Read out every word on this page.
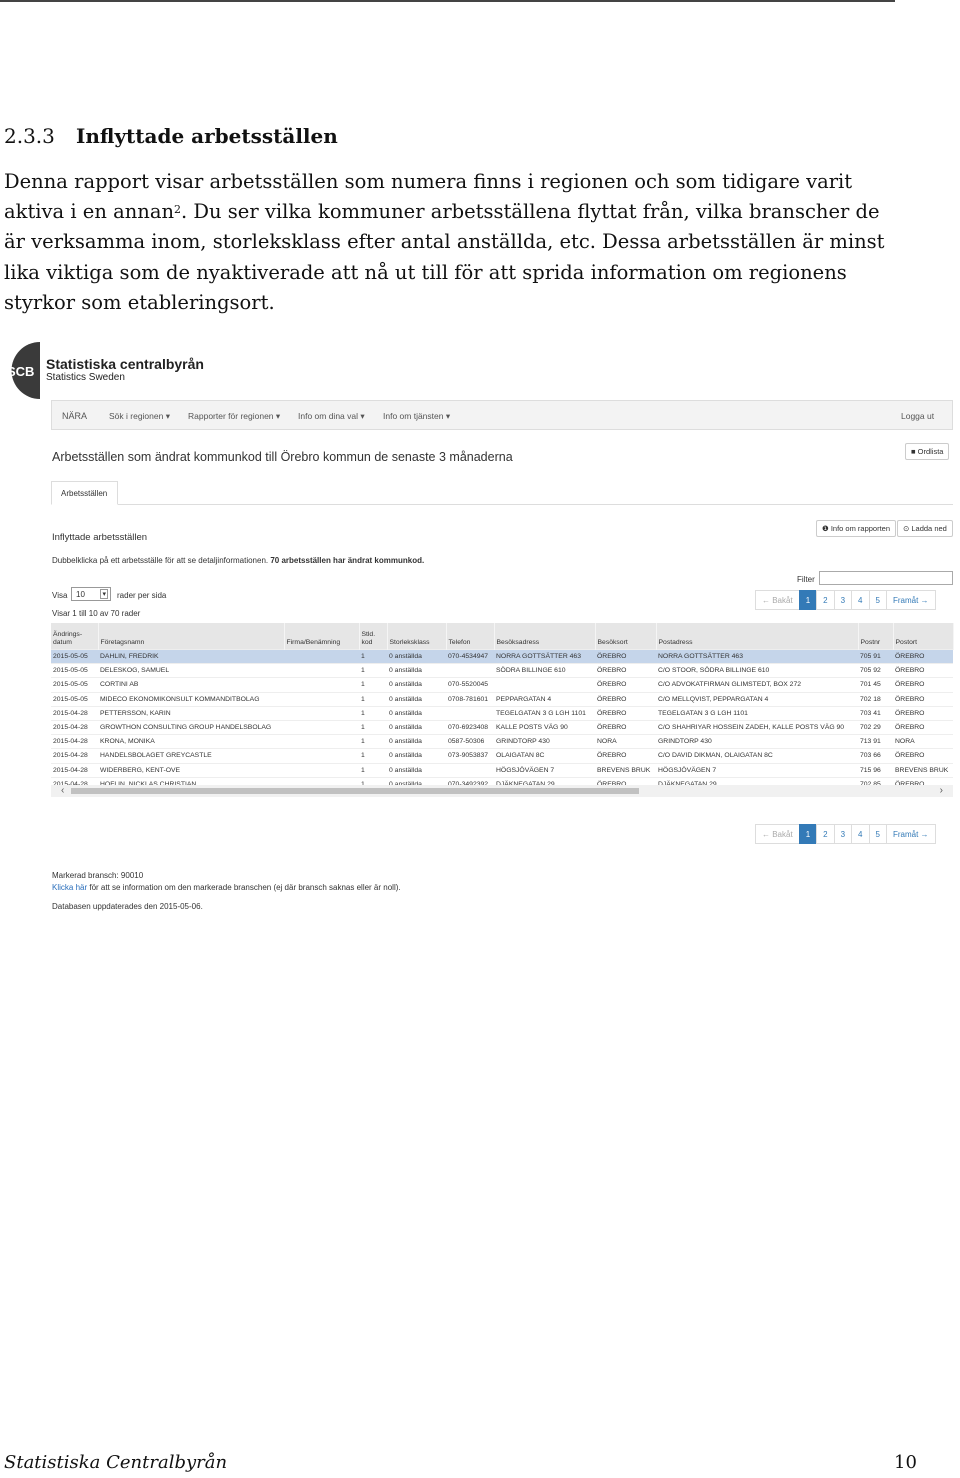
2.3.3 Inflyttade arbetsställen
Denna rapport visar arbetsställen som numera finns i regionen och som tidigare varit aktiva i en annan$^2$. Du ser vilka kommuner arbetsställena flyttat från, vilka branscher de är verksamma inom, storleksklass efter antal anställda, etc. Dessa arbetsställen är minst lika viktiga som de nyaktiverade att nå ut till för att sprida information om regionens styrkor som etableringsort.
SCB Statistiska centralbyrån
Statistics Sweden
NÄRA	Sök i regionen ▾ Rapporter för regionen ▾ Info om dina val ▾ Info om tjänsten ▾	Logga ut
Arbetsställen som ändrat kommunkod till Örebro kommun de senaste 3 månaderna	■ Ordlista
Arbetsställen
Inflyttade arbetsställen
❶ Info om rapporten	⊙ Ladda ned
Dubbelklicka på ett arbetsställe för att se detaljinformationen. 70 arbetsställen har ändrat kommunkod.
Visa	10	▾ rader per sida
Visar 1 till 10 av 70 rader
Filter
← Bakåt	1	2	3	4	5	Framåt →
Ändrings- datum	Företagsnamn	Firma/Benämning	Stld. kod	Storleksklass	Telefon	Besöksadress	Besöksort	Postadress	Postnr	Postort
2015-05-05	DAHLIN, FREDRIK		1	0 anställda	070-4534947	NORRA GOTTSÄTTER 463	ÖREBRO	NORRA GOTTSÄTTER 463	705 91	ÖREBRO
2015-05-05	DELESKOG, SAMUEL		1	0 anställda		SÖDRA BILLINGE 610	ÖREBRO	C/O STOOR, SÖDRA BILLINGE 610	705 92	ÖREBRO
2015-05-05	CORTINI AB		1	0 anställda	070-5520045		ÖREBRO	C/O ADVOKATFIRMAN GLIMSTEDT, BOX 272	701 45	ÖREBRO
2015-05-05	MIDECO EKONOMIKONSULT KOMMANDITBOLAG		1	0 anställda	0708-781601	PEPPARGATAN 4	ÖREBRO	C/O MELLQVIST, PEPPARGATAN 4	702 18	ÖREBRO
2015-04-28	PETTERSSON, KARIN		1	0 anställda		TEGELGATAN 3 G LGH 1101	ÖREBRO	TEGELGATAN 3 G LGH 1101	703 41	ÖREBRO
2015-04-28	GROWTHON CONSULTING GROUP HANDELSBOLAG		1	0 anställda	070-6923408	KALLE POSTS VÄG 90	ÖREBRO	C/O SHAHRIYAR HOSSEIN ZADEH, KALLE POSTS VÄG 90	702 29	ÖREBRO
2015-04-28	KRONA, MONIKA		1	0 anställda	0587-50306	GRINDTORP 430	NORA	GRINDTORP 430	713 91	NORA
2015-04-28	HANDELSBOLAGET GREYCASTLE		1	0 anställda	073-9053837	OLAIGATAN 8C	ÖREBRO	C/O DAVID DIKMAN, OLAIGATAN 8C	703 66	ÖREBRO
2015-04-28	WIDERBERG, KENT-OVE		1	0 anställda		HÖGSJÖVÄGEN 7	BREVENS BRUK	HÖGSJÖVÄGEN 7	715 96	BREVENS BRUK

‹	›
← Bakåt	1	2	3	4	5	Framåt →
Markerad bransch: 90010
Klicka här för att se information om den markerade branschen (ej där bransch saknas eller är noll).
Databasen uppdaterades den 2015-05-06.
Statistiska Centralbyrån	10
